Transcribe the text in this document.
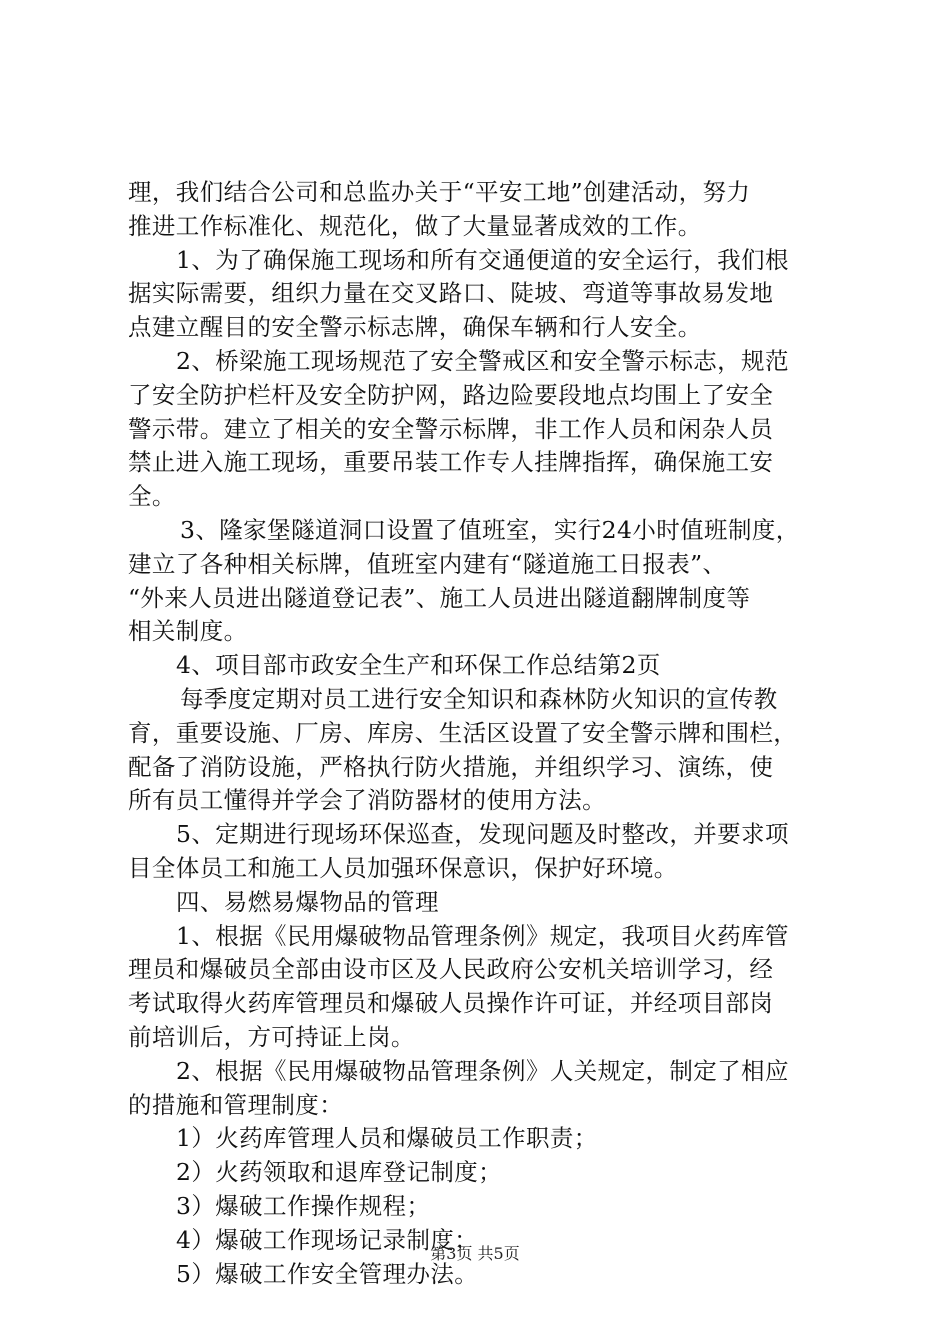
理，我们结合公司和总监办关于“平安工地”创建活动，努力
推进工作标准化、规范化，做了大量显著成效的工作。
1、为了确保施工现场和所有交通便道的安全运行，我们根
据实际需要，组织力量在交叉路口、陡坡、弯道等事故易发地
点建立醒目的安全警示标志牌，确保车辆和行人安全。
2、桥梁施工现场规范了安全警戒区和安全警示标志，规范
了安全防护栏杆及安全防护网，路边险要段地点均围上了安全
警示带。建立了相关的安全警示标牌，非工作人员和闲杂人员
禁止进入施工现场，重要吊装工作专人挂牌指挥，确保施工安
全。
3、隆家堡隧道洞口设置了值班室，实行24小时值班制度，
建立了各种相关标牌，值班室内建有“隧道施工日报表”、
“外来人员进出隧道登记表”、施工人员进出隧道翻牌制度等
相关制度。
4、项目部市政安全生产和环保工作总结第2页
每季度定期对员工进行安全知识和森林防火知识的宣传教
育，重要设施、厂房、库房、生活区设置了安全警示牌和围栏，
配备了消防设施，严格执行防火措施，并组织学习、演练，使
所有员工懂得并学会了消防器材的使用方法。
5、定期进行现场环保巡查，发现问题及时整改，并要求项
目全体员工和施工人员加强环保意识，保护好环境。
四、易燃易爆物品的管理
1、根据《民用爆破物品管理条例》规定，我项目火药库管
理员和爆破员全部由设市区及人民政府公安机关培训学习，经
考试取得火药库管理员和爆破人员操作许可证，并经项目部岗
前培训后，方可持证上岗。
2、根据《民用爆破物品管理条例》人关规定，制定了相应
的措施和管理制度：
1）火药库管理人员和爆破员工作职责；
2）火药领取和退库登记制度；
3）爆破工作操作规程；
4）爆破工作现场记录制度；
5）爆破工作安全管理办法。
第3页 共5页
